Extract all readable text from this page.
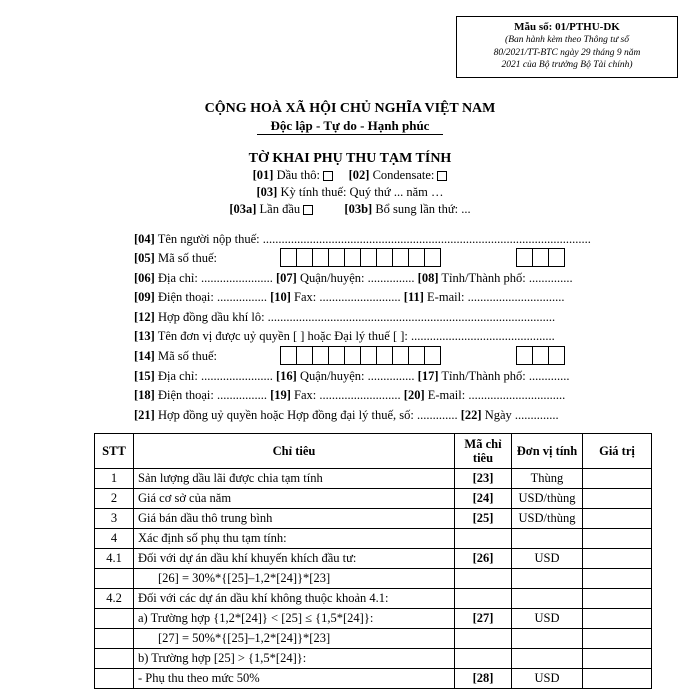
Mẫu số: 01/PTHU-DK
(Ban hành kèm theo Thông tư số
80/2021/TT-BTC ngày 29 tháng 9 năm
2021 của Bộ trưởng Bộ Tài chính)
CỘNG HOÀ XÃ HỘI CHỦ NGHĨA VIỆT NAM
Độc lập - Tự do - Hạnh phúc
TỜ KHAI PHỤ THU TẠM TÍNH
[01] Dầu thô: [02] Condensate:
[03] Kỳ tính thuế: Quý thứ ... năm …
[03a] Lần đầu	[03b] Bổ sung lần thứ: ...
[04] Tên người nộp thuế: .........................................................................................................
[05] Mã số thuế:
[06] Địa chỉ: ....................... [07] Quận/huyện: ............... [08] Tỉnh/Thành phố: ..............
[09] Điện thoại: ................ [10] Fax: .......................... [11] E-mail: ...............................
[12] Hợp đồng dầu khí lô: ............................................................................................
[13] Tên đơn vị được uỷ quyền [ ] hoặc Đại lý thuế [ ]: ..............................................
[14] Mã số thuế:
[15] Địa chỉ: ....................... [16] Quận/huyện: ............... [17] Tỉnh/Thành phố: .............
[18] Điện thoại: ................ [19] Fax: .......................... [20] E-mail: ...............................
[21] Hợp đồng uỷ quyền hoặc Hợp đồng đại lý thuế, số: ............. [22] Ngày ..............
STT	Chỉ tiêu	Mã chỉ tiêu	Đơn vị tính	Giá trị
1	Sản lượng dầu lãi được chia tạm tính	[23]	Thùng	
2	Giá cơ sở của năm	[24]	USD/thùng	
3	Giá bán dầu thô trung bình	[25]	USD/thùng	
4	Xác định số phụ thu tạm tính:			
4.1	Đối với dự án dầu khí khuyến khích đầu tư:	[26]	USD	
	[26] = 30%*{[25]–1,2*[24]}*[23]			
4.2	Đối với các dự án dầu khí không thuộc khoản 4.1:			
	a) Trường hợp {1,2*[24]} < [25] ≤ {1,5*[24]}:	[27]	USD	
	[27] = 50%*{[25]–1,2*[24]}*[23]			
	b) Trường hợp [25] > {1,5*[24]}:			
	- Phụ thu theo mức 50%	[28]	USD	
